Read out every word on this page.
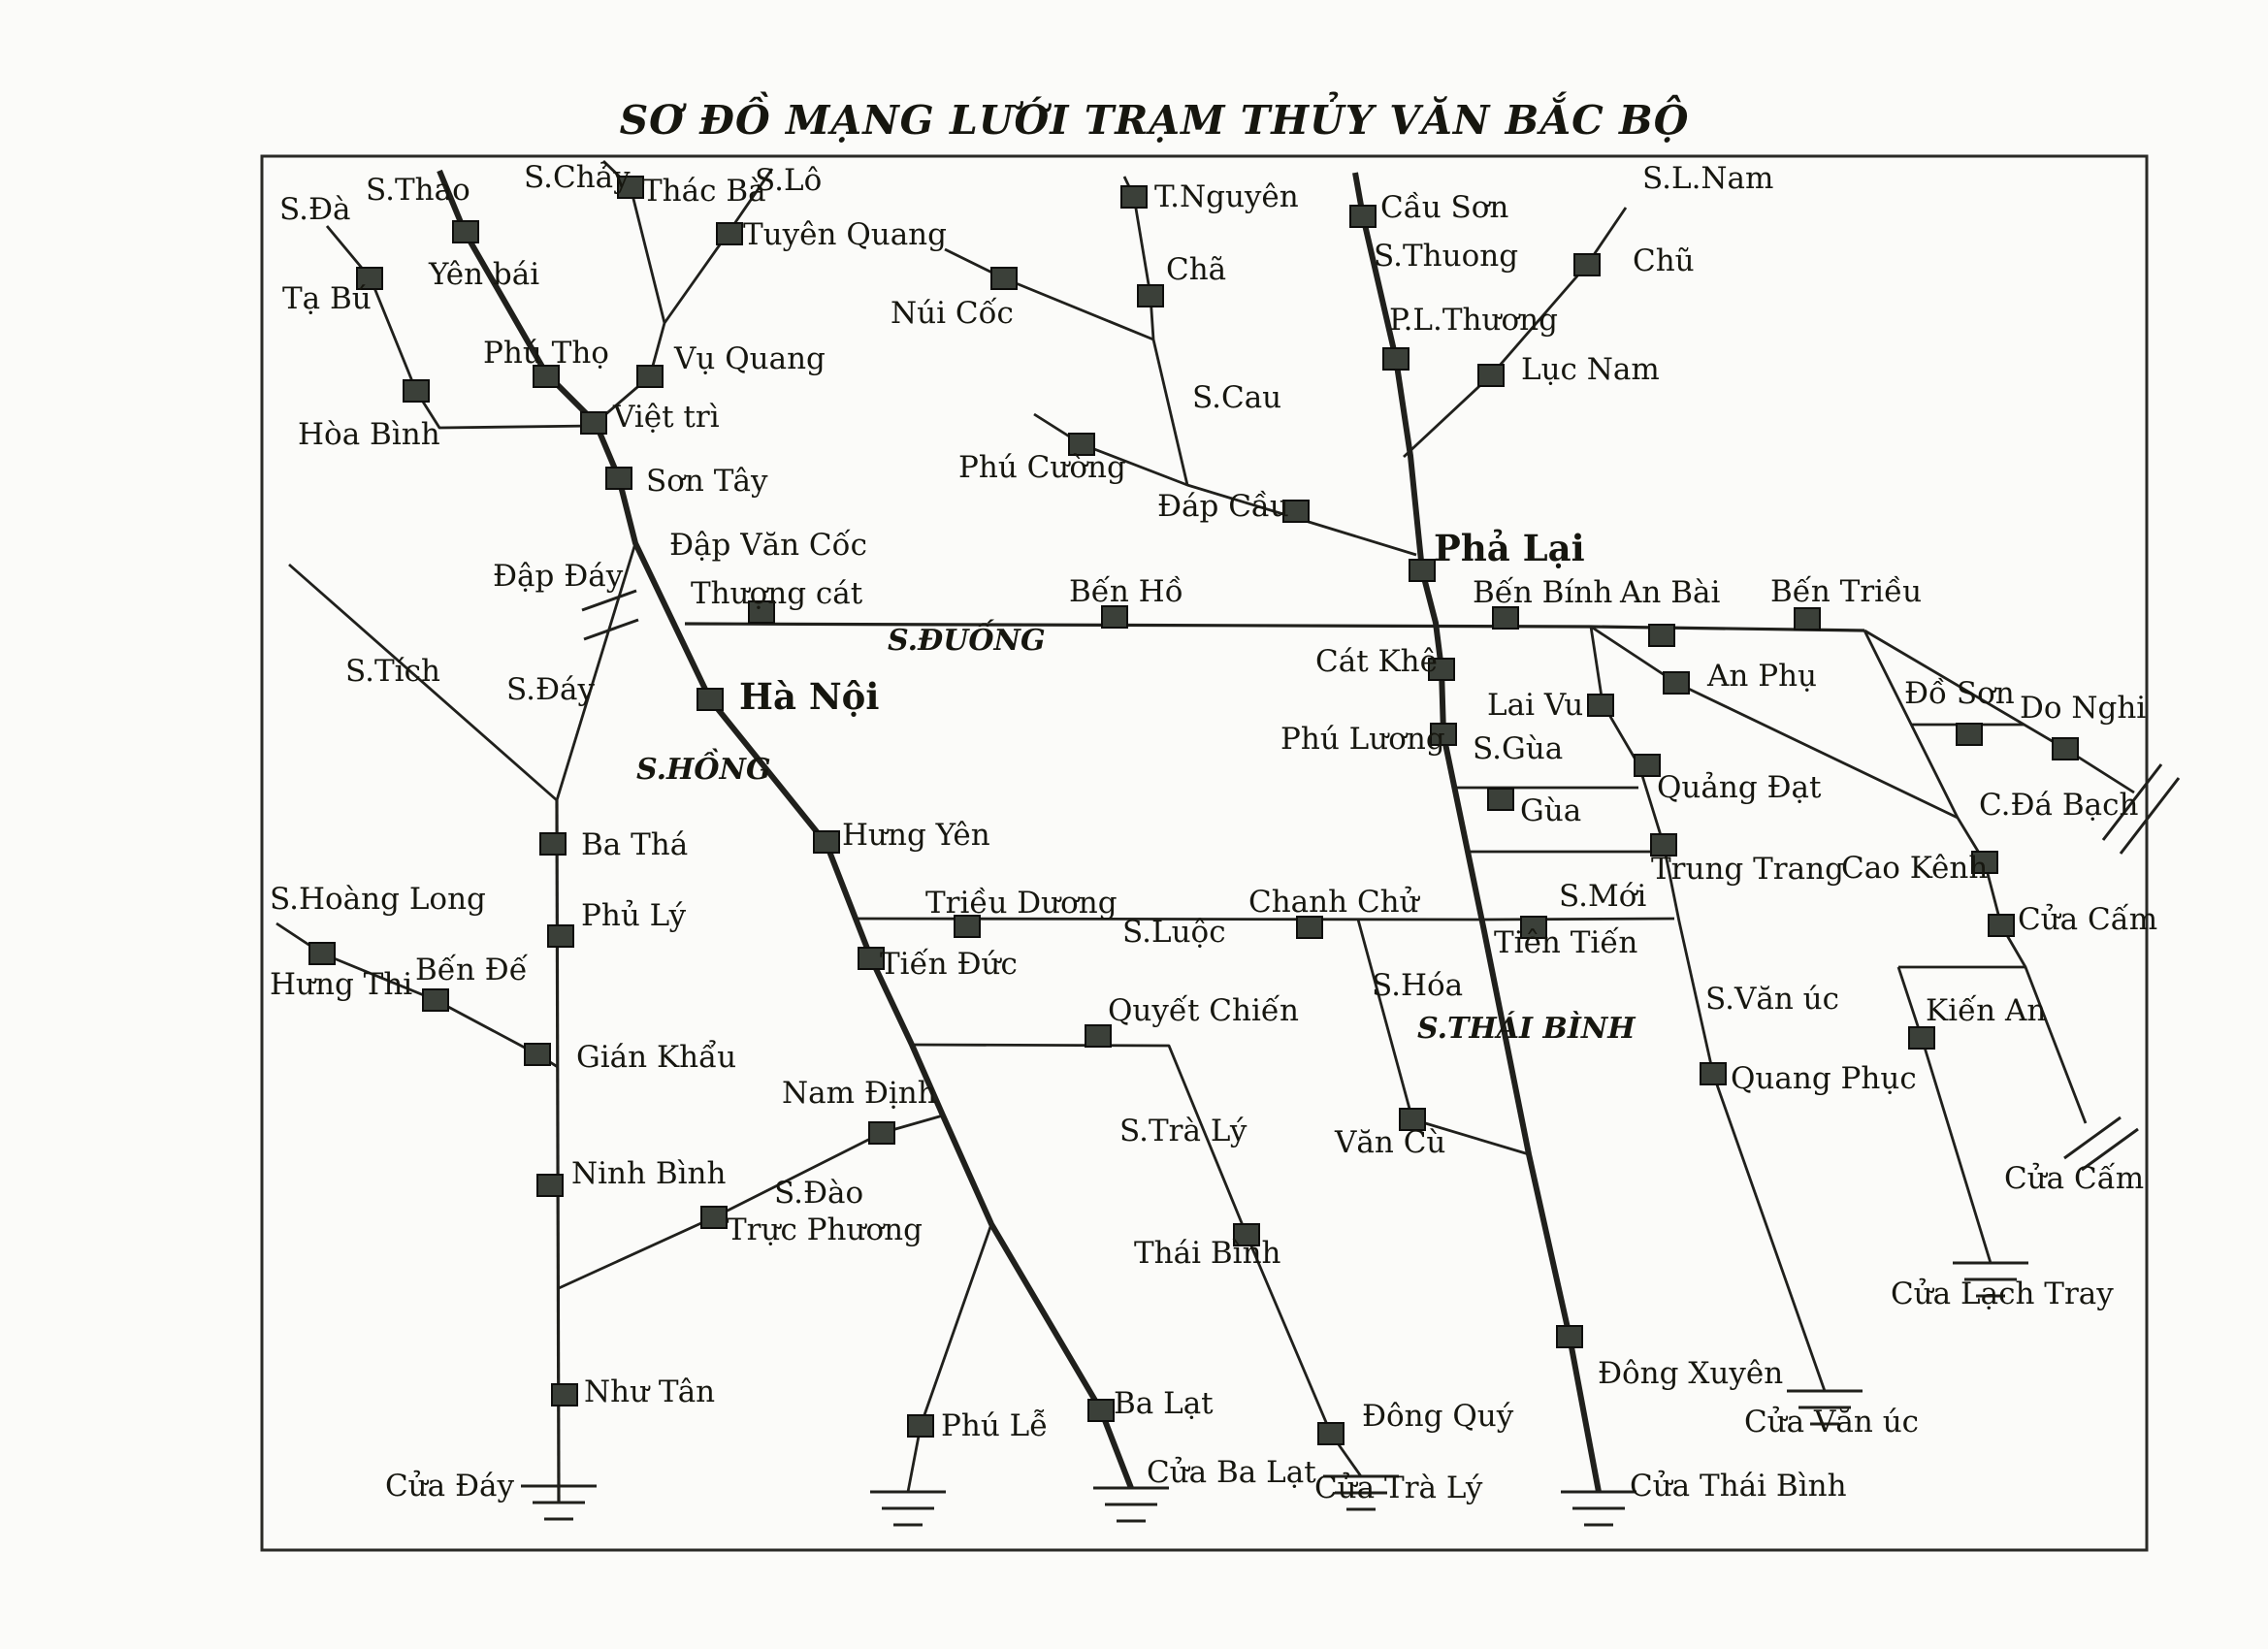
S.Đà
S.Thao S.Chảy Thác Bà
S.Lô
Tuyên Quang
Yên bái
Tạ Bú
Hòa Bình
Phú Thọ Vụ Quang
Việt trì
Sơn Tây
T.Nguyên
Chã
Núi Cốc
S.Cau
Phú Cường
Đáp Cầu
Cầu Sơn
S.Thuong
P.L.Thương
Lục Nam
Chũ
S.L.Nam
Đập Văn Cốc
Đập Đáy Thượng cát	Bến Hồ	Bến Bính An Bài Bến Triều
Cát Khê
Lai Vu
Phú Lương S.Gùa
Gùa
An Phụ
Quảng Đạt
Đồ Sơn Do Nghi
C.Đá Bạch
Trung Trang
Cao Kênh
Cửa Cấm
S.Tích
S.Đáy
Ba Thá	Hưng Yên
S.Hoàng Long	Phủ Lý	Triều Dương	Chanh Chử	S.Mới
S.Luộc	Tiên Tiến
Hưng Thi Bến Đế	Tiến Đức
S.Hóa	S.Văn úc	Kiến An
Gián Khẩu
Quang Phục
Quyết Chiến
Nam Định
S.Trà Lý	Văn Cù
Ninh Bình
S.Đào
Trực Phương
Cửa Cấm
Thái Bình
Cửa Lạch Tray
Đông Xuyên
Như Tân	Ba Lạt
Phú Lễ	Đông Quý	Cửa Văn úc
Cửa Đáy	Cửa Ba Lạt
Cửa Trà Lý	Cửa Thái Bình
Hà Nội
Phả Lại
S.ĐUỐNG
S.HỒNG
S.THÁI BÌNH
SƠ ĐỒ MẠNG LƯỚI TRẠM THỦY VĂN BẮC BỘ
